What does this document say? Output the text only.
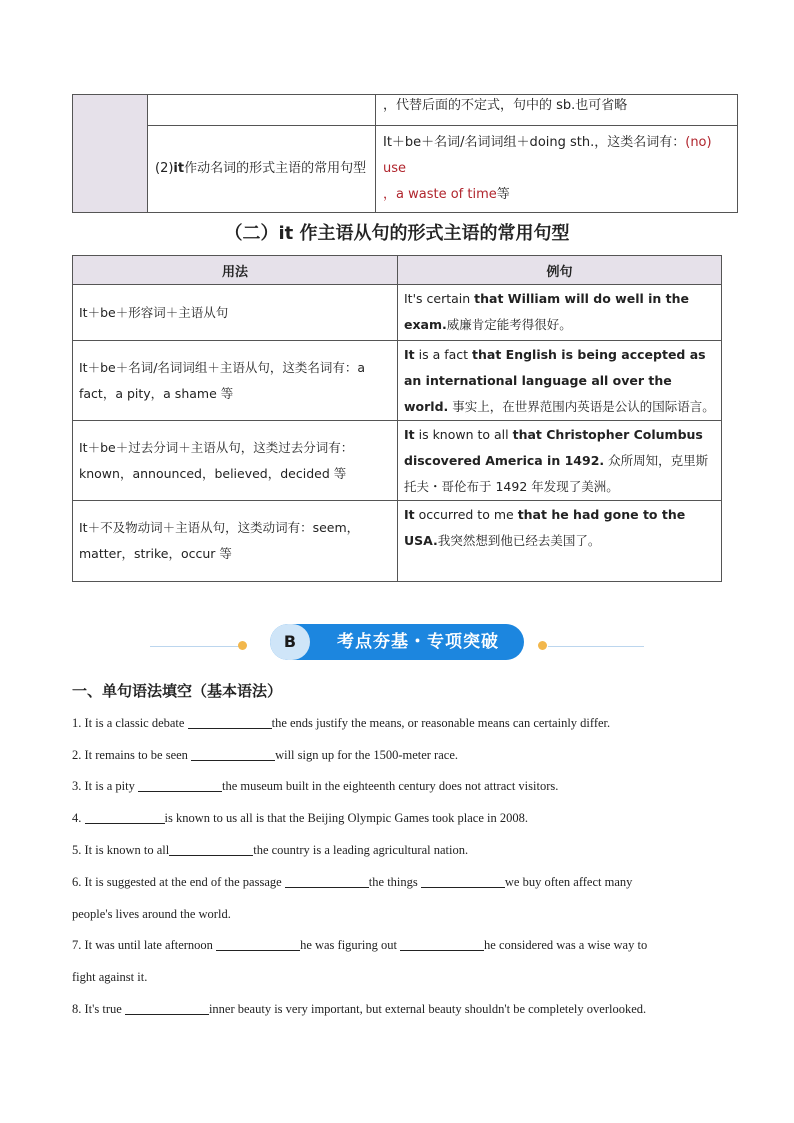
		，代替后面的不定式，句中的 sb.也可省略
	(2)it作动名词的形式主语的常用句型	It＋be＋名词/名词词组＋doing sth.，这类名词有：(no) use
，a waste of time等
（二）it 作主语从句的形式主语的常用句型
用法	例句
It＋be＋形容词＋主语从句	It's certain that William will do well in the exam.威廉肯定能考得很好。
It＋be＋名词/名词词组＋主语从句，这类名词有：a fact，a pity，a shame 等	It is a fact that English is being accepted as an international language all over the world. 事实上，在世界范围内英语是公认的国际语言。
It＋be＋过去分词＋主语从句，这类过去分词有：known，announced，believed，decided 等	It is known to all that Christopher Columbus discovered America in 1492. 众所周知，克里斯托夫・哥伦布于 1492 年发现了美洲。
It＋不及物动词＋主语从句，这类动词有：seem，matter，strike，occur 等	It occurred to me that he had gone to the USA.我突然想到他已经去美国了。
B	考点夯基・专项突破
一、单句语法填空（基本语法）
1. It is a classic debate	the ends justify the means, or reasonable means can certainly differ.
2. It remains to be seen	will sign up for the 1500-meter race.
3. It is a pity	the museum built in the eighteenth century does not attract visitors.
4.	is known to us all is that the Beijing Olympic Games took place in 2008.
5. It is known to all	the country is a leading agricultural nation.
6. It is suggested at the end of the passage	the things	we buy often affect many
people's lives around the world.
7. It was until late afternoon	he was figuring out	he considered was a wise way to
fight against it.
8. It's true	inner beauty is very important, but external beauty shouldn't be completely overlooked.
